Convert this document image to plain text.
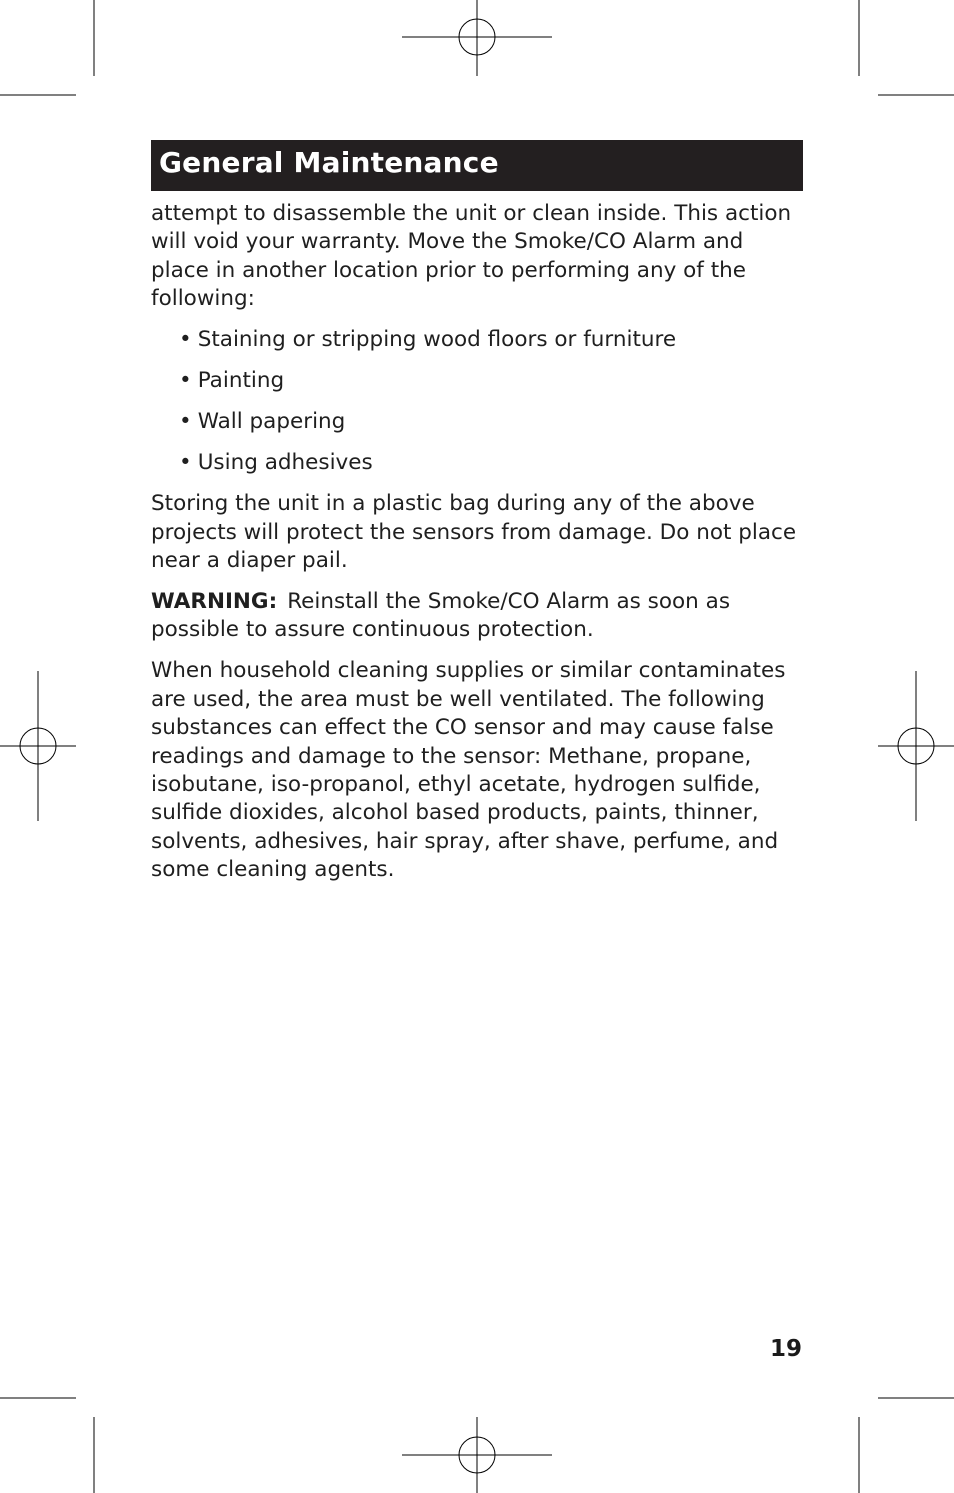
General Maintenance

attempt to disassemble the unit or clean inside. This action will void your warranty. Move the Smoke/CO Alarm and place in another location prior to performing any of the following:

• Staining or stripping wood floors or furniture
• Painting
• Wall papering
• Using adhesives

Storing the unit in a plastic bag during any of the above projects will protect the sensors from damage. Do not place near a diaper pail.

WARNING: Reinstall the Smoke/CO Alarm as soon as possible to assure continuous protection.

When household cleaning supplies or similar contaminates are used, the area must be well ventilated. The following substances can effect the CO sensor and may cause false readings and damage to the sensor: Methane, propane, isobutane, iso-propanol, ethyl acetate, hydrogen sulfide, sulfide dioxides, alcohol based products, paints, thinner, solvents, adhesives, hair spray, after shave, perfume, and some cleaning agents.

19
